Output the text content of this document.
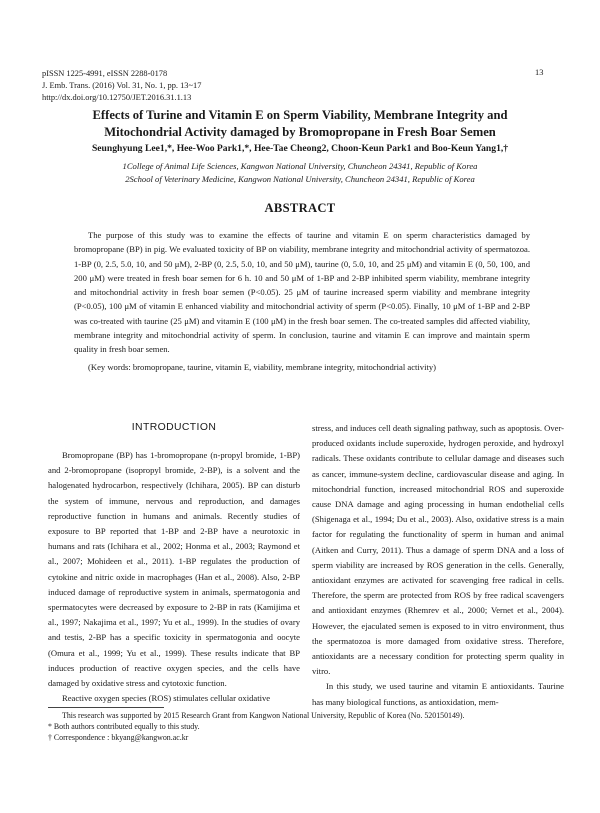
pISSN 1225-4991, eISSN 2288-0178
J. Emb. Trans. (2016) Vol. 31, No. 1, pp. 13~17
http://dx.doi.org/10.12750/JET.2016.31.1.13
13
Effects of Turine and Vitamin E on Sperm Viability, Membrane Integrity and
Mitochondrial Activity damaged by Bromopropane in Fresh Boar Semen
Seunghyung Lee1,*, Hee-Woo Park1,*, Hee-Tae Cheong2, Choon-Keun Park1 and Boo-Keun Yang1,†
1College of Animal Life Sciences, Kangwon National University, Chuncheon 24341, Republic of Korea
2School of Veterinary Medicine, Kangwon National University, Chuncheon 24341, Republic of Korea
ABSTRACT

The purpose of this study was to examine the effects of taurine and vitamin E on sperm characteristics damaged by bromopropane (BP) in pig. We evaluated toxicity of BP on viability, membrane integrity and mitochondrial activity of spermatozoa. 1-BP (0, 2.5, 5.0, 10, and 50 μM), 2-BP (0, 2.5, 5.0, 10, and 50 μM), taurine (0, 5.0, 10, and 25 μM) and vitamin E (0, 50, 100, and 200 μM) were treated in fresh boar semen for 6 h. 10 and 50 μM of 1-BP and 2-BP inhibited sperm viability, membrane integrity and mitochondrial activity in fresh boar semen (P<0.05). 25 μM of taurine increased sperm viability and membrane integrity (P<0.05), 100 μM of vitamin E enhanced viability and mitochondrial activity of sperm (P<0.05). Finally, 10 μM of 1-BP and 2-BP was co-treated with taurine (25 μM) and vitamin E (100 μM) in the fresh boar semen. The co-treated samples did affected viability, membrane integrity and mitochondrial activity of sperm. In conclusion, taurine and vitamin E can improve and maintain sperm quality in fresh boar semen.

(Key words: bromopropane, taurine, vitamin E, viability, membrane integrity, mitochondrial activity)
INTRODUCTION

Bromopropane (BP) has 1-bromopropane (n-propyl bromide, 1-BP) and 2-bromopropane (isopropyl bromide, 2-BP), is a solvent and the halogenated hydrocarbon, respectively (Ichihara, 2005). BP can disturb the system of immune, nervous and reproduction, and damages reproductive function in humans and animals. Recently studies of exposure to BP reported that 1-BP and 2-BP have a neurotoxic in humans and rats (Ichihara et al., 2002; Honma et al., 2003; Raymond et al., 2007; Mohideen et al., 2011). 1-BP regulates the production of cytokine and nitric oxide in macrophages (Han et al., 2008). Also, 2-BP induced damage of reproductive system in animals, spermatogonia and spermatocytes were decreased by exposure to 2-BP in rats (Kamijima et al., 1997; Nakajima et al., 1997; Yu et al., 1999). In the studies of ovary and testis, 2-BP has a specific toxicity in spermatogonia and oocyte (Omura et al., 1999; Yu et al., 1999). These results indicate that BP induces production of reactive oxygen species, and the cells have damaged by oxidative stress and cytotoxic function.

Reactive oxygen species (ROS) stimulates cellular oxidative

stress, and induces cell death signaling pathway, such as apoptosis. Over-produced oxidants include superoxide, hydrogen peroxide, and hydroxyl radicals. These oxidants contribute to cellular damage and diseases such as cancer, immune-system decline, cardiovascular disease and aging. In mitochondrial function, increased mitochondrial ROS and superoxide cause DNA damage and aging processing in human endothelial cells (Shigenaga et al., 1994; Du et al., 2003). Also, oxidative stress is a main factor for regulating the functionality of sperm in human and animal (Aitken and Curry, 2011). Thus a damage of sperm DNA and a loss of sperm viability are increased by ROS generation in the cells. Generally, antioxidant enzymes are activated for scavenging free radical in cells. Therefore, the sperm are protected from ROS by free radical scavengers and antioxidant enzymes (Rhemrev et al., 2000; Vernet et al., 2004). However, the ejaculated semen is exposed to in vitro environment, thus the spermatozoa is more damaged from oxidative stress. Therefore, antioxidants are a necessary condition for protecting sperm quality in vitro.

In this study, we used taurine and vitamin E antioxidants. Taurine has many biological functions, as antioxidation, mem-

This research was supported by 2015 Research Grant from Kangwon National University, Republic of Korea (No. 520150149).
* Both authors contributed equally to this study.
† Correspondence : bkyang@kangwon.ac.kr
